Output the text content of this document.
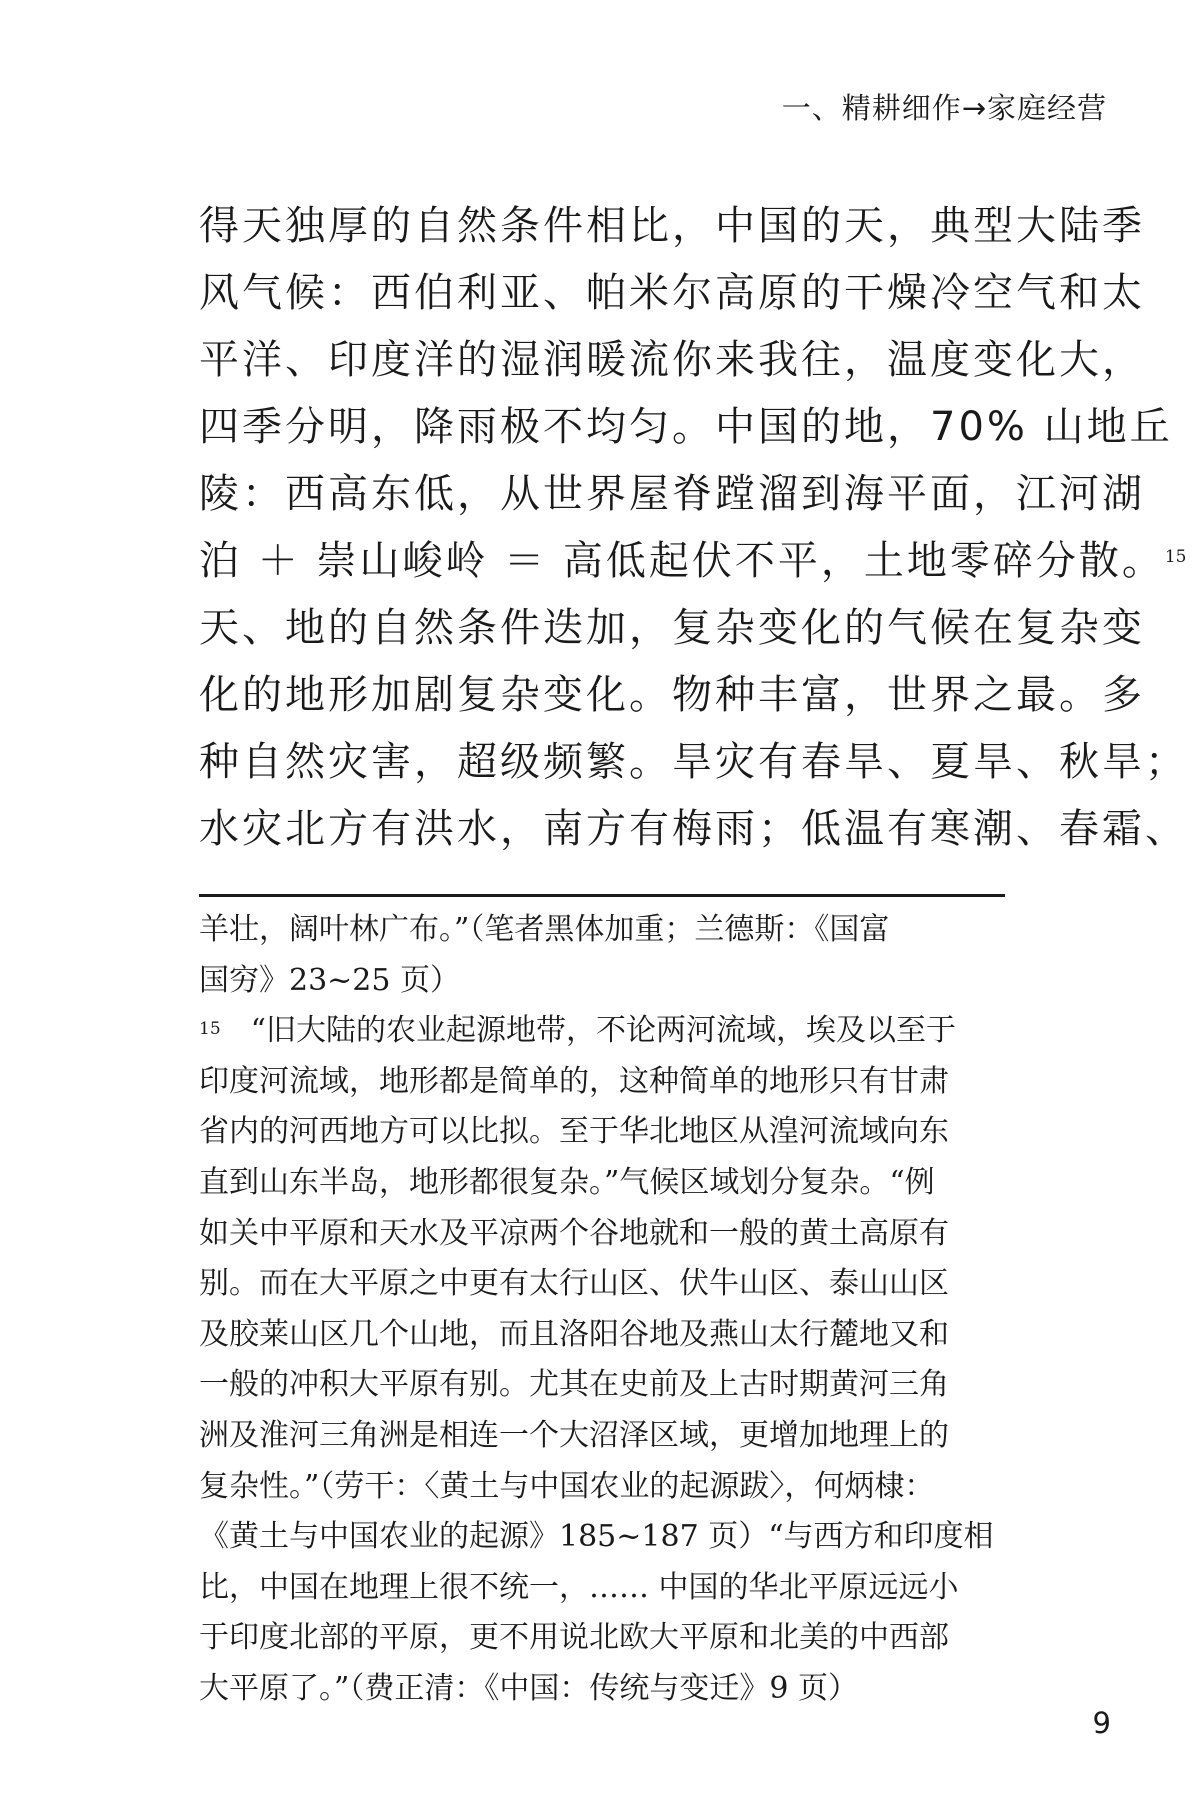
一、精耕细作→家庭经营
得天独厚的自然条件相比，中国的天，典型大陆季
风气候：西伯利亚、帕米尔高原的干燥冷空气和太
平洋、印度洋的湿润暖流你来我往，温度变化大，
四季分明，降雨极不均匀。中国的地，70% 山地丘
陵：西高东低，从世界屋脊蹚溜到海平面，江河湖
泊 ＋ 崇山峻岭 ＝ 高低起伏不平，土地零碎分散。$^{15}$
天、地的自然条件迭加，复杂变化的气候在复杂变
化的地形加剧复杂变化。物种丰富，世界之最。多
种自然灾害，超级频繁。旱灾有春旱、夏旱、秋旱；
水灾北方有洪水，南方有梅雨；低温有寒潮、春霜、
羊壮，阔叶林广布。”（笔者黑体加重；兰德斯：《国富
国穷》23~25 页）
15 “旧大陆的农业起源地带，不论两河流域，埃及以至于
印度河流域，地形都是简单的，这种简单的地形只有甘肃
省内的河西地方可以比拟。至于华北地区从湟河流域向东
直到山东半岛，地形都很复杂。”气候区域划分复杂。“例
如关中平原和天水及平凉两个谷地就和一般的黄土高原有
别。而在大平原之中更有太行山区、伏牛山区、泰山山区
及胶莱山区几个山地，而且洛阳谷地及燕山太行麓地又和
一般的冲积大平原有别。尤其在史前及上古时期黄河三角
洲及淮河三角洲是相连一个大沼泽区域，更增加地理上的
复杂性。”（劳干：〈黄土与中国农业的起源跋〉，何炳棣：
《黄土与中国农业的起源》185~187 页）“与西方和印度相
比，中国在地理上很不统一，…… 中国的华北平原远远小
于印度北部的平原，更不用说北欧大平原和北美的中西部
大平原了。”（费正清：《中国：传统与变迁》9 页）
9
